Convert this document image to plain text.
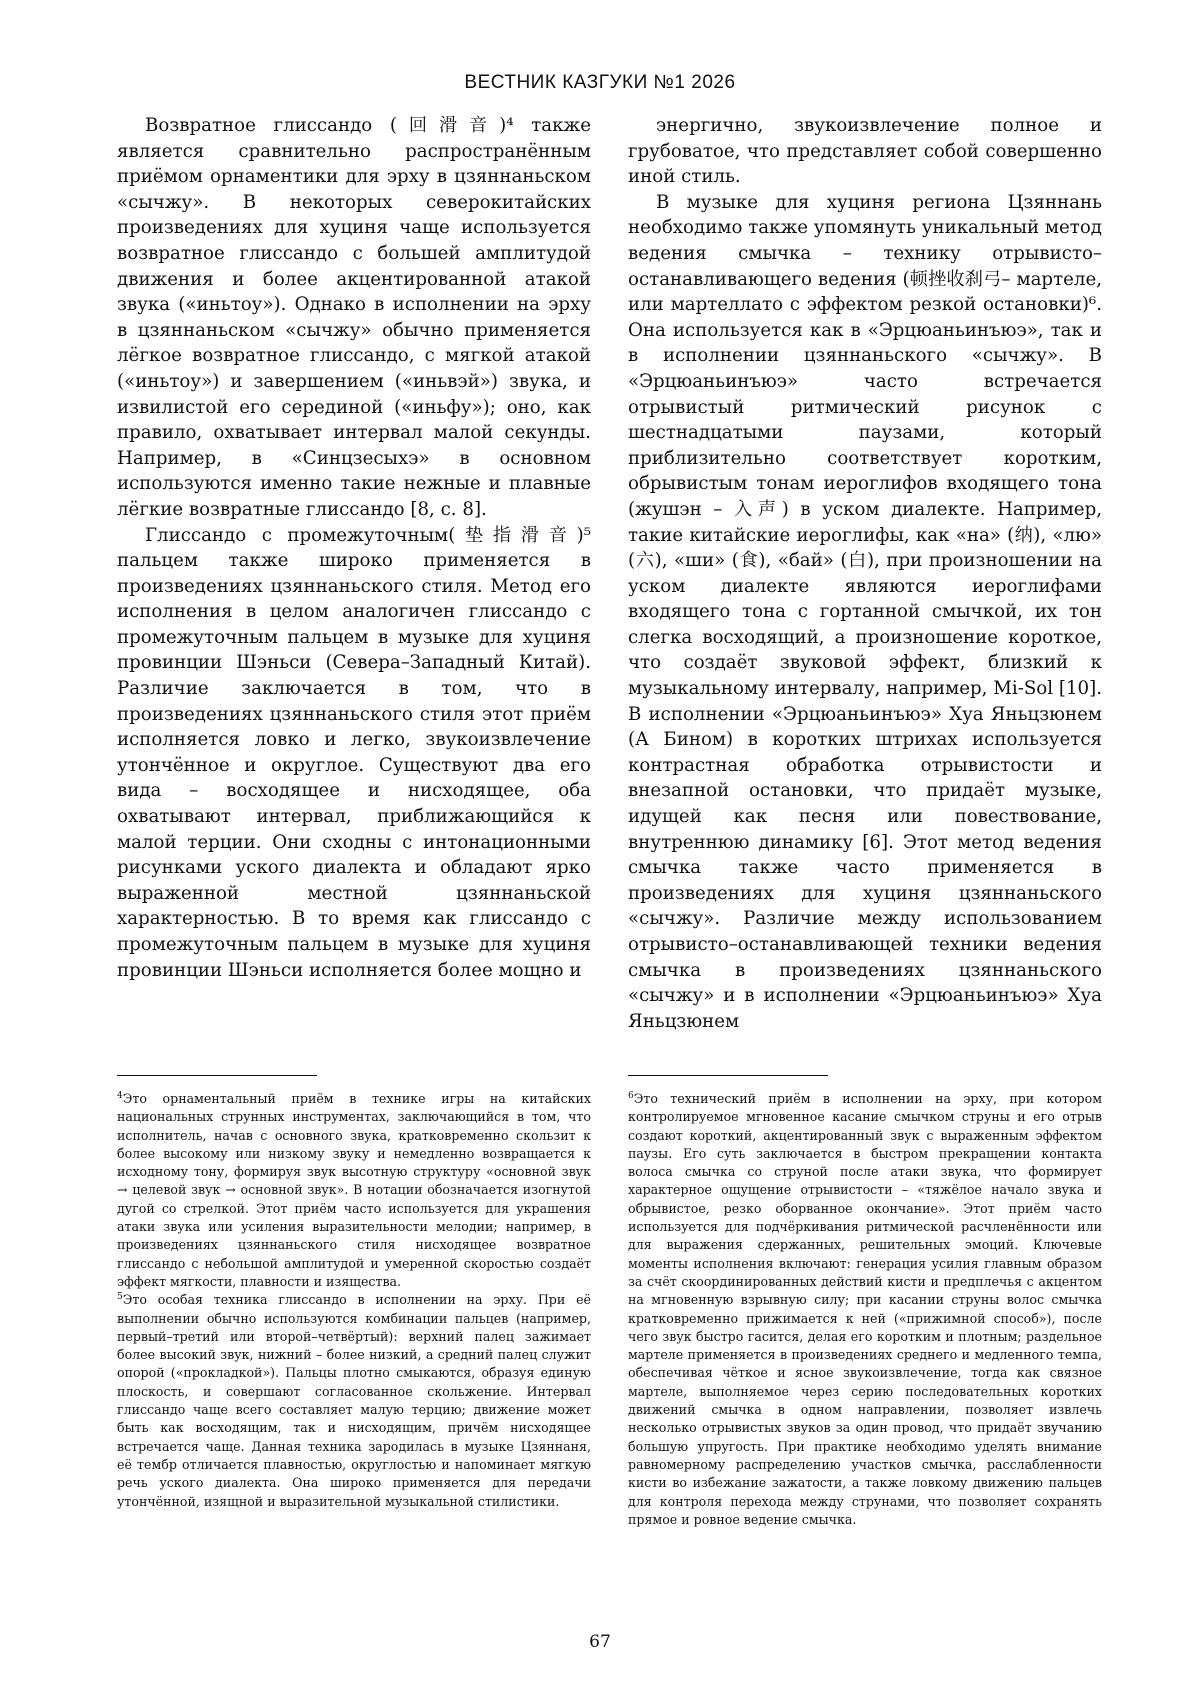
ВЕСТНИК КАЗГУКИ №1 2026

Возвратное глиссандо (回滑音)⁴ также является сравнительно распространённым приёмом орнаментики для эрху в цзяннаньском «сычжу». В некоторых северокитайских произведениях для хуциня чаще используется возвратное глиссандо с большей амплитудой движения и более акцентированной атакой звука («иньтоу»). Однако в исполнении на эрху в цзяннаньском «сычжу» обычно применяется лёгкое возвратное глиссандо, с мягкой атакой («иньтоу») и завершением («иньвэй») звука, и извилистой его серединой («иньфу»); оно, как правило, охватывает интервал малой секунды. Например, в «Синцзесыхэ» в основном используются именно такие нежные и плавные лёгкие возвратные глиссандо [8, с. 8].

Глиссандо с промежуточным(垫指滑音)⁵ пальцем также широко применяется в произведениях цзяннаньского стиля. Метод его исполнения в целом аналогичен глиссандо с промежуточным пальцем в музыке для хуциня провинции Шэньси (Севера–Западный Китай). Различие заключается в том, что в произведениях цзяннаньского стиля этот приём исполняется ловко и легко, звукоизвлечение утончённое и округлое. Существуют два его вида – восходящее и нисходящее, оба охватывают интервал, приближающийся к малой терции. Они сходны с интонационными рисунками уского диалекта и обладают ярко выраженной местной цзяннаньской характерностью. В то время как глиссандо с промежуточным пальцем в музыке для хуциня провинции Шэньси исполняется более мощно и

энергично, звукоизвлечение полное и грубоватое, что представляет собой совершенно иной стиль.

В музыке для хуциня региона Цзяннань необходимо также упомянуть уникальный метод ведения смычка – технику отрывисто–останавливающего ведения (顿挫收刹弓– мартеле, или мартеллато с эффектом резкой остановки)⁶. Она используется как в «Эрцюаньинъюэ», так и в исполнении цзяннаньского «сычжу». В «Эрцюаньинъюэ» часто встречается отрывистый ритмический рисунок с шестнадцатыми паузами, который приблизительно соответствует коротким, обрывистым тонам иероглифов входящего тона (жушэн – 入声) в уском диалекте. Например, такие китайские иероглифы, как «на» (纳), «лю» (六), «ши» (食), «бай» (白), при произношении на уском диалекте являются иероглифами входящего тона с гортанной смычкой, их тон слегка восходящий, а произношение короткое, что создаёт звуковой эффект, близкий к музыкальному интервалу, например, Mi-Sol [10]. В исполнении «Эрцюаньинъюэ» Хуа Яньцзюнем (А Бином) в коротких штрихах используется контрастная обработка отрывистости и внезапной остановки, что придаёт музыке, идущей как песня или повествование, внутреннюю динамику [6]. Этот метод ведения смычка также часто применяется в произведениях для хуциня цзяннаньского «сычжу». Различие между использованием отрывисто–останавливающей техники ведения смычка в произведениях цзяннаньского «сычжу» и в исполнении «Эрцюаньинъюэ» Хуа Яньцзюнем

$^4$Это орнаментальный приём в технике игры на китайских национальных струнных инструментах, заключающийся в том, что исполнитель, начав с основного звука, кратковременно скользит к более высокому или низкому звуку и немедленно возвращается к исходному тону, формируя звук высотную структуру «основной звук → целевой звук → основной звук». В нотации обозначается изогнутой дугой со стрелкой. Этот приём часто используется для украшения атаки звука или усиления выразительности мелодии; например, в произведениях цзяннаньского стиля нисходящее возвратное глиссандо с небольшой амплитудой и умеренной скоростью создаёт эффект мягкости, плавности и изящества.

$^5$Это особая техника глиссандо в исполнении на эрху. При её выполнении обычно используются комбинации пальцев (например, первый–третий или второй–четвёртый): верхний палец зажимает более высокий звук, нижний – более низкий, а средний палец служит опорой («прокладкой»). Пальцы плотно смыкаются, образуя единую плоскость, и совершают согласованное скольжение. Интервал глиссандо чаще всего составляет малую терцию; движение может быть как восходящим, так и нисходящим, причём нисходящее встречается чаще. Данная техника зародилась в музыке Цзяннаня, её тембр отличается плавностью, округлостью и напоминает мягкую речь уского диалекта. Она широко применяется для передачи утончённой, изящной и выразительной музыкальной стилистики.

$^6$Это технический приём в исполнении на эрху, при котором контролируемое мгновенное касание смычком струны и его отрыв создают короткий, акцентированный звук с выраженным эффектом паузы. Его суть заключается в быстром прекращении контакта волоса смычка со струной после атаки звука, что формирует характерное ощущение отрывистости – «тяжёлое начало звука и обрывистое, резко оборванное окончание». Этот приём часто используется для подчёркивания ритмической расчленённости или для выражения сдержанных, решительных эмоций. Ключевые моменты исполнения включают: генерация усилия главным образом за счёт скоординированных действий кисти и предплечья с акцентом на мгновенную взрывную силу; при касании струны волос смычка кратковременно прижимается к ней («прижимной способ»), после чего звук быстро гасится, делая его коротким и плотным; раздельное мартеле применяется в произведениях среднего и медленного темпа, обеспечивая чёткое и ясное звукоизвлечение, тогда как связное мартеле, выполняемое через серию последовательных коротких движений смычка в одном направлении, позволяет извлечь несколько отрывистых звуков за один провод, что придаёт звучанию большую упругость. При практике необходимо уделять внимание равномерному распределению участков смычка, расслабленности кисти во избежание зажатости, а также ловкому движению пальцев для контроля перехода между струнами, что позволяет сохранять прямое и ровное ведение смычка.

67
